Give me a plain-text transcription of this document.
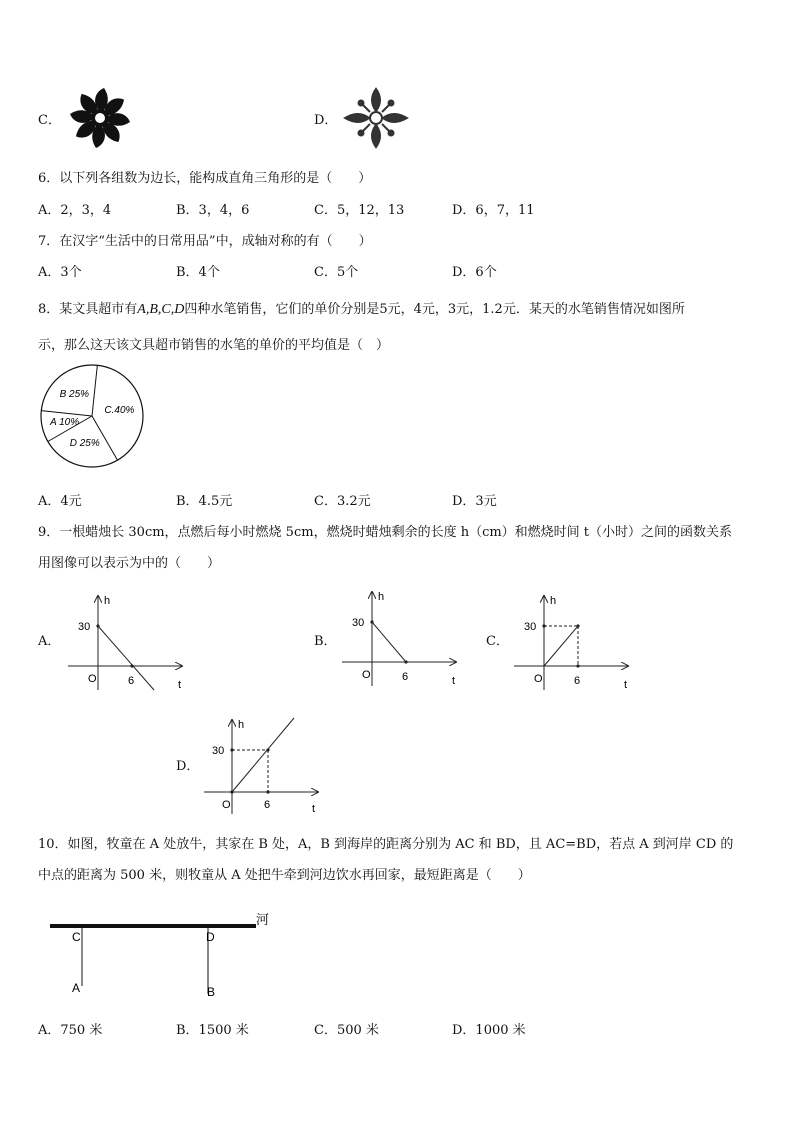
C．	D．
6．以下列各组数为边长，能构成直角三角形的是（　　）
A．2，3，4	B．3，4，6	C．5，12，13	D．6，7，11
7．在汉字“生活中的日常用品”中，成轴对称的有（　　）
A．3个	B．4个	C．5个	D．6个
8．某文具超市有A,B,C,D四种水笔销售，它们的单价分别是5元，4元，3元，1.2元．某天的水笔销售情况如图所
示，那么这天该文具超市销售的水笔的单价的平均值是（　）
A 10%
B 25%
C.40%
D 25%
A．4元	B．4.5元	C．3.2元	D．3元
9．一根蜡烛长 30cm，点燃后每小时燃烧 5cm，燃烧时蜡烛剩余的长度 h（cm）和燃烧时间 t（小时）之间的函数关系
用图像可以表示为中的（　　）
A．
h
30
O	6	t
B．
h
30
O	6	t
C．
h
30
O	6	t
D．
h
30
O	6	t
10．如图，牧童在 A 处放牛，其家在 B 处，A，B 到海岸的距离分别为 AC 和 BD，且 AC=BD，若点 A 到河岸 CD 的
中点的距离为 500 米，则牧童从 A 处把牛牵到河边饮水再回家，最短距离是（　　）
河
C	D
A	B
A．750 米	B．1500 米	C．500 米	D．1000 米
